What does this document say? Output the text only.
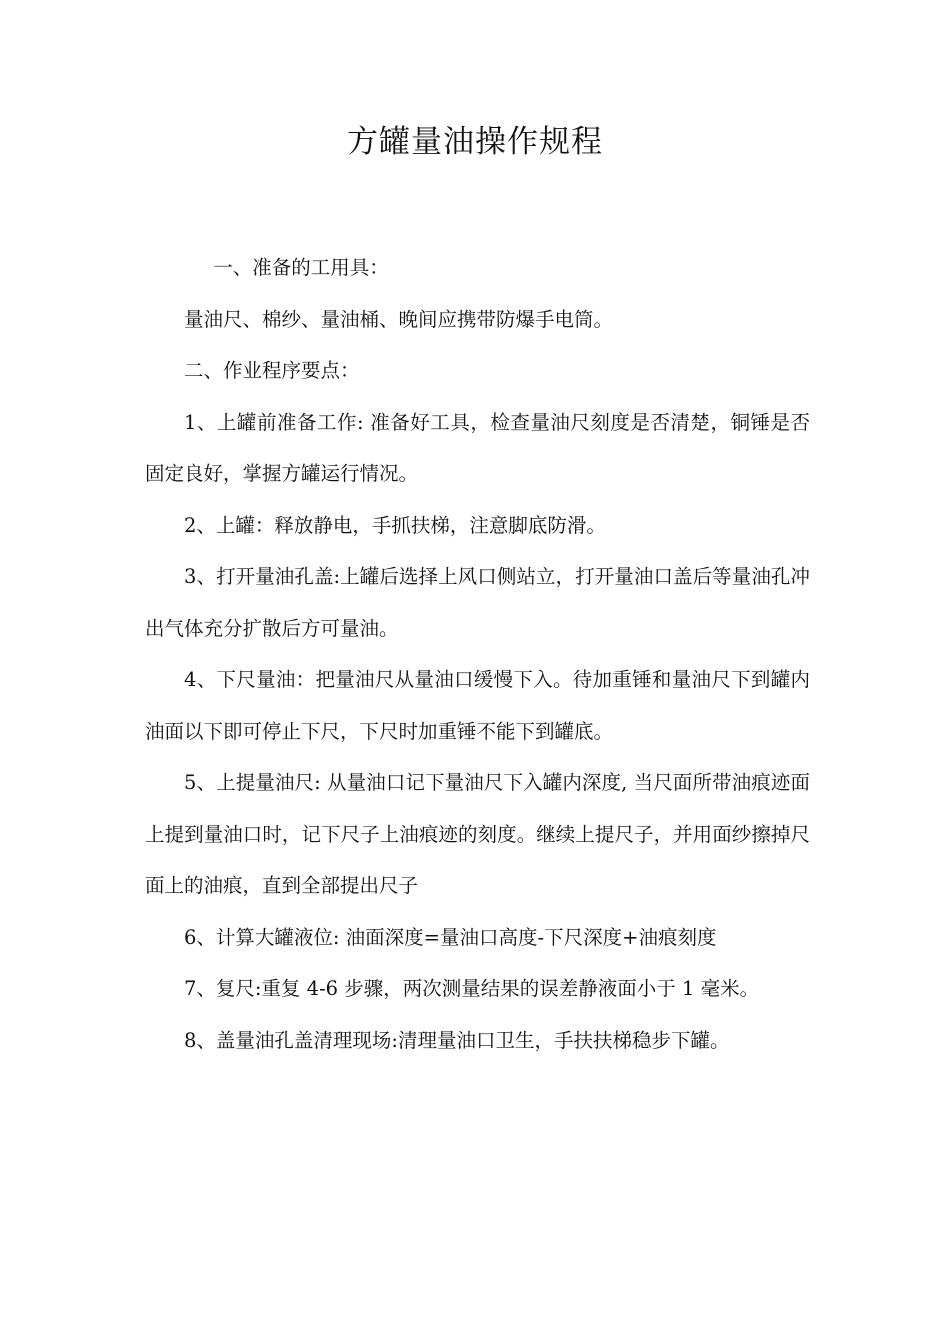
方罐量油操作规程

一、准备的工用具：

量油尺、棉纱、量油桶、晚间应携带防爆手电筒。

二、作业程序要点：

1、上罐前准备工作: 准备好工具，检查量油尺刻度是否清楚，铜锤是否固定良好，掌握方罐运行情况。

2、上罐：释放静电，手抓扶梯，注意脚底防滑。

3、打开量油孔盖:上罐后选择上风口侧站立，打开量油口盖后等量油孔冲出气体充分扩散后方可量油。

4、下尺量油：把量油尺从量油口缓慢下入。待加重锤和量油尺下到罐内油面以下即可停止下尺，下尺时加重锤不能下到罐底。

5、上提量油尺: 从量油口记下量油尺下入罐内深度, 当尺面所带油痕迹面上提到量油口时，记下尺子上油痕迹的刻度。继续上提尺子，并用面纱擦掉尺面上的油痕，直到全部提出尺子

6、计算大罐液位: 油面深度=量油口高度-下尺深度+油痕刻度

7、复尺:重复 4-6 步骤，两次测量结果的误差静液面小于 1 毫米。

8、盖量油孔盖清理现场:清理量油口卫生，手扶扶梯稳步下罐。
